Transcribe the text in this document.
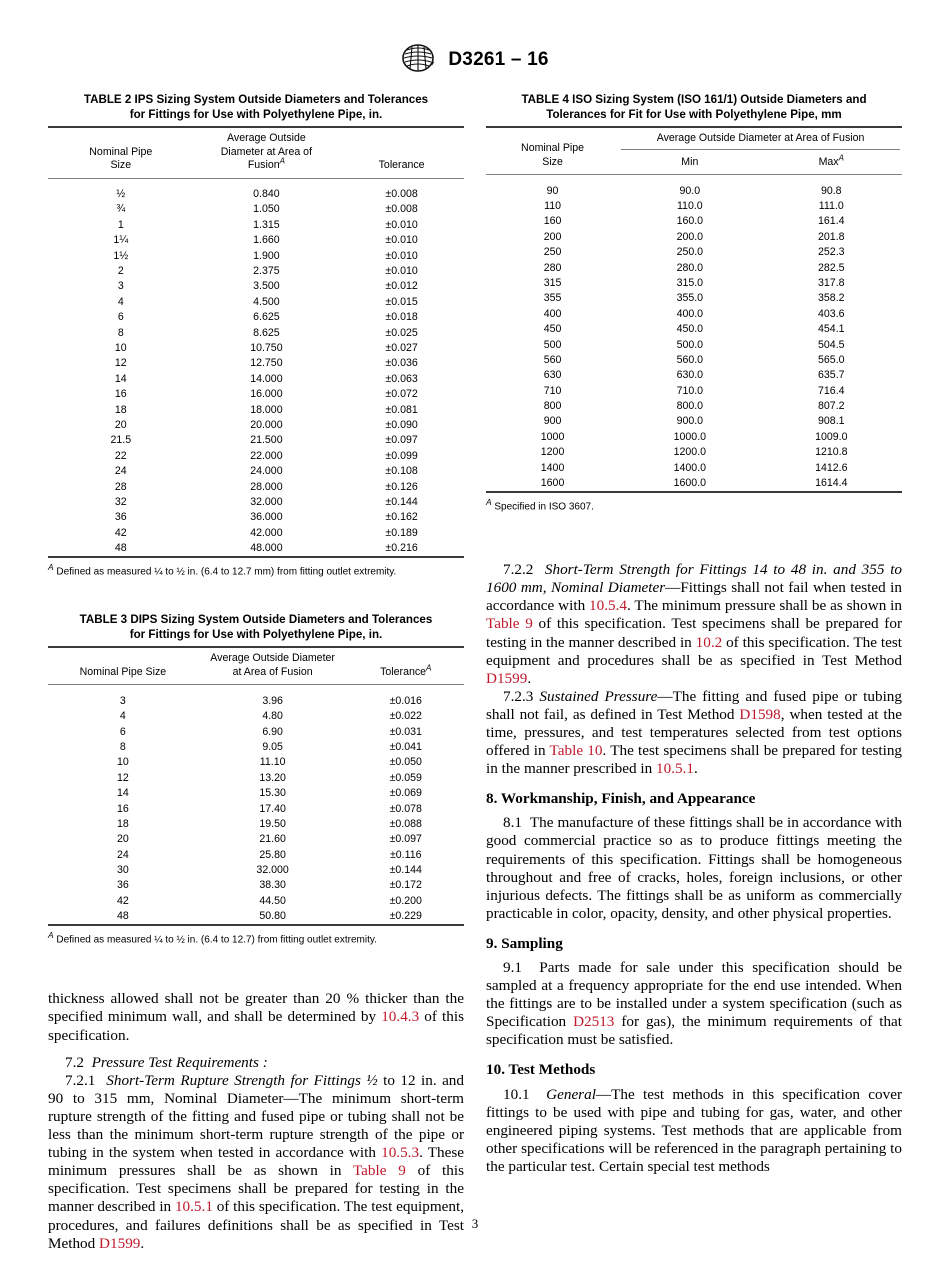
D3261 – 16
TABLE 2 IPS Sizing System Outside Diameters and Tolerances
for Fittings for Use with Polyethylene Pipe, in.

Nominal Pipe
Size	Average Outside
Diameter at Area of
Fusion$^A$	Tolerance

½	0.840	±0.008
¾	1.050	±0.008
1	1.315	±0.010
1¼	1.660	±0.010
1½	1.900	±0.010
2	2.375	±0.010
3	3.500	±0.012
4	4.500	±0.015
6	6.625	±0.018
8	8.625	±0.025
10	10.750	±0.027
12	12.750	±0.036
14	14.000	±0.063
16	16.000	±0.072
18	18.000	±0.081
20	20.000	±0.090
21.5	21.500	±0.097
22	22.000	±0.099
24	24.000	±0.108
28	28.000	±0.126
32	32.000	±0.144
36	36.000	±0.162
42	42.000	±0.189
48	48.000	±0.216

$^A$ Defined as measured ¼ to ½ in. (6.4 to 12.7 mm) from fitting outlet extremity.
TABLE 3 DIPS Sizing System Outside Diameters and Tolerances
for Fittings for Use with Polyethylene Pipe, in.

Nominal Pipe Size	Average Outside Diameter
at Area of Fusion	Tolerance$^A$

3	3.96	±0.016
4	4.80	±0.022
6	6.90	±0.031
8	9.05	±0.041
10	11.10	±0.050
12	13.20	±0.059
14	15.30	±0.069
16	17.40	±0.078
18	19.50	±0.088
20	21.60	±0.097
24	25.80	±0.116
30	32.000	±0.144
36	38.30	±0.172
42	44.50	±0.200
48	50.80	±0.229

$^A$ Defined as measured ¼ to ½ in. (6.4 to 12.7) from fitting outlet extremity.

thickness allowed shall not be greater than 20 % thicker than the specified minimum wall, and shall be determined by 10.4.3 of this specification.

7.2 Pressure Test Requirements :

7.2.1 Short-Term Rupture Strength for Fittings ½ to 12 in. and 90 to 315 mm, Nominal Diameter—The minimum short-term rupture strength of the fitting and fused pipe or tubing shall not be less than the minimum short-term rupture strength of the pipe or tubing in the system when tested in accordance with 10.5.3. These minimum pressures shall be as shown in Table 9 of this specification. Test specimens shall be prepared for testing in the manner described in 10.5.1 of this specification. The test equipment, procedures, and failures definitions shall be as specified in Test Method D1599.

TABLE 4 ISO Sizing System (ISO 161/1) Outside Diameters and
Tolerances for Fit for Use with Polyethylene Pipe, mm

Nominal Pipe
Size	Average Outside Diameter at Area of Fusion	

	Min	Max$^A$

90	90.0	90.8
110	110.0	111.0
160	160.0	161.4
200	200.0	201.8
250	250.0	252.3
280	280.0	282.5
315	315.0	317.8
355	355.0	358.2
400	400.0	403.6
450	450.0	454.1
500	500.0	504.5
560	560.0	565.0
630	630.0	635.7
710	710.0	716.4
800	800.0	807.2
900	900.0	908.1
1000	1000.0	1009.0
1200	1200.0	1210.8
1400	1400.0	1412.6
1600	1600.0	1614.4

$^A$ Specified in ISO 3607.

7.2.2 Short-Term Strength for Fittings 14 to 48 in. and 355 to 1600 mm, Nominal Diameter—Fittings shall not fail when tested in accordance with 10.5.4. The minimum pressure shall be as shown in Table 9 of this specification. Test specimens shall be prepared for testing in the manner described in 10.2 of this specification. The test equipment and procedures shall be as specified in Test Method D1599.

7.2.3 Sustained Pressure—The fitting and fused pipe or tubing shall not fail, as defined in Test Method D1598, when tested at the time, pressures, and test temperatures selected from test options offered in Table 10. The test specimens shall be prepared for testing in the manner prescribed in 10.5.1.

8. Workmanship, Finish, and Appearance

8.1 The manufacture of these fittings shall be in accordance with good commercial practice so as to produce fittings meeting the requirements of this specification. Fittings shall be homogeneous throughout and free of cracks, holes, foreign inclusions, or other injurious defects. The fittings shall be as uniform as commercially practicable in color, opacity, density, and other physical properties.

9. Sampling

9.1 Parts made for sale under this specification should be sampled at a frequency appropriate for the end use intended. When the fittings are to be installed under a system specification (such as Specification D2513 for gas), the minimum requirements of that specification must be satisfied.

10. Test Methods

10.1 General—The test methods in this specification cover fittings to be used with pipe and tubing for gas, water, and other engineered piping systems. Test methods that are applicable from other specifications will be referenced in the paragraph pertaining to the particular test. Certain special test methods

3
